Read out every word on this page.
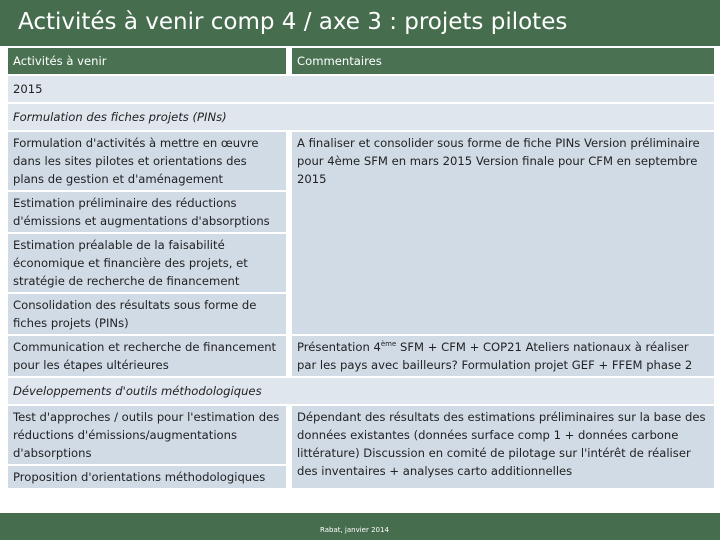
Activités à venir comp 4 / axe 3 : projets pilotes
Activités à venir	Commentaires
2015	
Formulation des fiches projets (PINs)	
Formulation d'activités à mettre en œuvre dans les sites pilotes et orientations des plans de gestion et d'aménagement	A finaliser et consolider sous forme de fiche PINs Version préliminaire pour 4ème SFM en mars 2015 Version finale pour CFM en septembre 2015
Estimation préliminaire des réductions d'émissions et augmentations d'absorptions	
Estimation préalable de la faisabilité économique et financière des projets, et stratégie de recherche de financement	
Consolidation des résultats sous forme de fiches projets (PINs)	
Communication et recherche de financement pour les étapes ultérieures	Présentation 4ème SFM + CFM + COP21 Ateliers nationaux à réaliser par les pays avec bailleurs? Formulation projet GEF + FFEM phase 2
Développements d'outils méthodologiques	
Test d'approches / outils pour l'estimation des réductions d'émissions/augmentations d'absorptions	Dépendant des résultats des estimations préliminaires sur la base des données existantes (données surface comp 1 + données carbone littérature) Discussion en comité de pilotage sur l'intérêt de réaliser des inventaires + analyses carto additionnelles
Proposition d'orientations méthodologiques	
Rabat, janvier 2014
